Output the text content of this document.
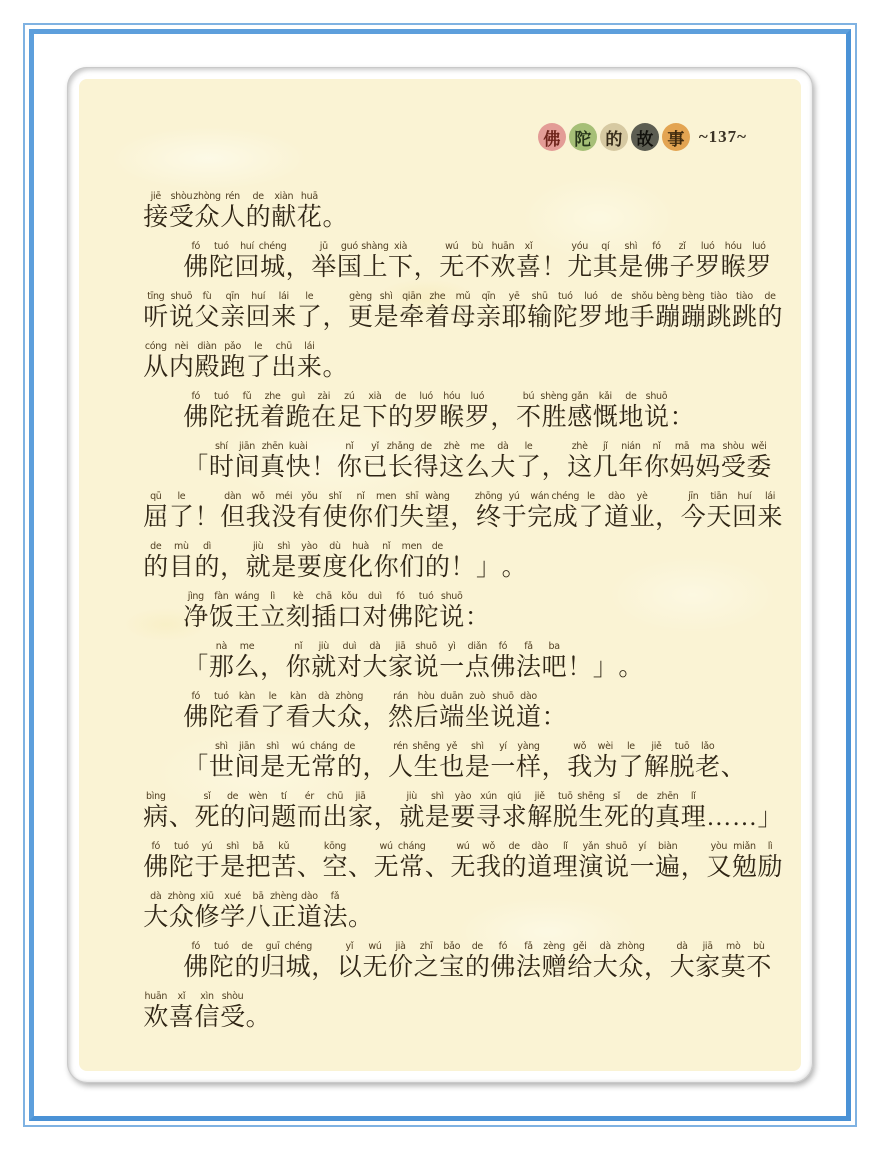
佛 陀 的 故 事 ~137~
jiē
接
shòu
受
zhòng
众
rén
人
de
的
xiàn
献
huā
花
。
fó
佛
tuó
陀
huí
回
chéng
城
，
jǔ
举
guó
国
shàng
上
xià
下
，
wú
无
bù
不
huān
欢
xǐ
喜
！
yóu
尤
qí
其
shì
是
fó
佛
zǐ
子
luó
罗
hóu
睺
luó
罗
tīng
听
shuō
说
fù
父
qīn
亲
huí
回
lái
来
le
了
，
gèng
更
shì
是
qiān
牵
zhe
着
mǔ
母
qīn
亲
yē
耶
shū
输
tuó
陀
luó
罗
de
地
shǒu
手
bèng
蹦
bèng
蹦
tiào
跳
tiào
跳
de
的
cóng
从
nèi
内
diàn
殿
pǎo
跑
le
了
chū
出
lái
来
。
fó
佛
tuó
陀
fǔ
抚
zhe
着
guì
跪
zài
在
zú
足
xià
下
de
的
luó
罗
hóu
睺
luó
罗
，
bú
不
shèng
胜
gǎn
感
kǎi
慨
de
地
shuō
说
：
「
shí
时
jiān
间
zhēn
真
kuài
快
！
nǐ
你
yǐ
已
zhǎng
长
de
得
zhè
这
me
么
dà
大
le
了
，
zhè
这
jǐ
几
nián
年
nǐ
你
mā
妈
ma
妈
shòu
受
wěi
委
qū
屈
le
了
！
dàn
但
wǒ
我
méi
没
yǒu
有
shǐ
使
nǐ
你
men
们
shī
失
wàng
望
，
zhōng
终
yú
于
wán
完
chéng
成
le
了
dào
道
yè
业
，
jīn
今
tiān
天
huí
回
lái
来
de
的
mù
目
dì
的
，
jiù
就
shì
是
yào
要
dù
度
huà
化
nǐ
你
men
们
de
的
！
」
。
jìng
净
fàn
饭
wáng
王
lì
立
kè
刻
chā
插
kǒu
口
duì
对
fó
佛
tuó
陀
shuō
说
：
「
nà
那
me
么
，
nǐ
你
jiù
就
duì
对
dà
大
jiā
家
shuō
说
yì
一
diǎn
点
fó
佛
fǎ
法
ba
吧
！
」
。
fó
佛
tuó
陀
kàn
看
le
了
kàn
看
dà
大
zhòng
众
，
rán
然
hòu
后
duān
端
zuò
坐
shuō
说
dào
道
：
「
shì
世
jiān
间
shì
是
wú
无
cháng
常
de
的
，
rén
人
shēng
生
yě
也
shì
是
yí
一
yàng
样
，
wǒ
我
wèi
为
le
了
jiě
解
tuō
脱
lǎo
老
、
bìng
病
、
sǐ
死
de
的
wèn
问
tí
题
ér
而
chū
出
jiā
家
，
jiù
就
shì
是
yào
要
xún
寻
qiú
求
jiě
解
tuō
脱
shēng
生
sǐ
死
de
的
zhēn
真
lǐ
理
…
…
」
fó
佛
tuó
陀
yú
于
shì
是
bǎ
把
kǔ
苦
、
kōng
空
、
wú
无
cháng
常
、
wú
无
wǒ
我
de
的
dào
道
lǐ
理
yǎn
演
shuō
说
yí
一
biàn
遍
，
yòu
又
miǎn
勉
lì
励
dà
大
zhòng
众
xiū
修
xué
学
bā
八
zhèng
正
dào
道
fǎ
法
。
fó
佛
tuó
陀
de
的
guī
归
chéng
城
，
yǐ
以
wú
无
jià
价
zhī
之
bǎo
宝
de
的
fó
佛
fǎ
法
zèng
赠
gěi
给
dà
大
zhòng
众
，
dà
大
jiā
家
mò
莫
bù
不
huān
欢
xǐ
喜
xìn
信
shòu
受
。
